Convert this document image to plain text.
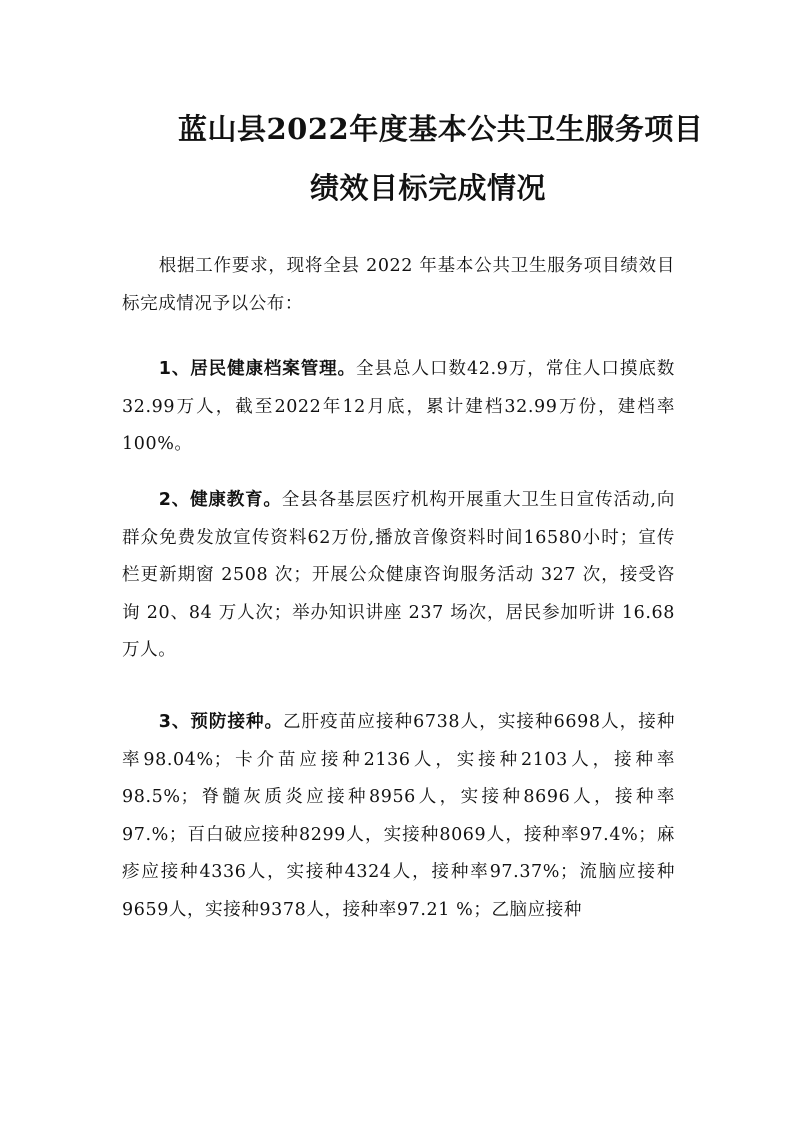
蓝山县2022年度基本公共卫生服务项目
绩效目标完成情况
根据工作要求，现将全县 2022 年基本公共卫生服务项目绩效目标完成情况予以公布：
1、居民健康档案管理。全县总人口数42.9万，常住人口摸底数32.99万人，截至2022年12月底，累计建档32.99万份，建档率100%。
2、健康教育。全县各基层医疗机构开展重大卫生日宣传活动,向群众免费发放宣传资料62万份,播放音像资料时间16580小时；宣传栏更新期窗 2508 次；开展公众健康咨询服务活动 327 次，接受咨询 20、84 万人次；举办知识讲座 237 场次，居民参加听讲 16.68 万人。
3、预防接种。乙肝疫苗应接种6738人，实接种6698人，接种率98.04%；卡介苗应接种2136人，实接种2103人，接种率98.5%；脊髓灰质炎应接种8956人，实接种8696人，接种率97.%；百白破应接种8299人，实接种8069人，接种率97.4%；麻疹应接种4336人，实接种4324人，接种率97.37%；流脑应接种9659人，实接种9378人，接种率97.21 %；乙脑应接种
